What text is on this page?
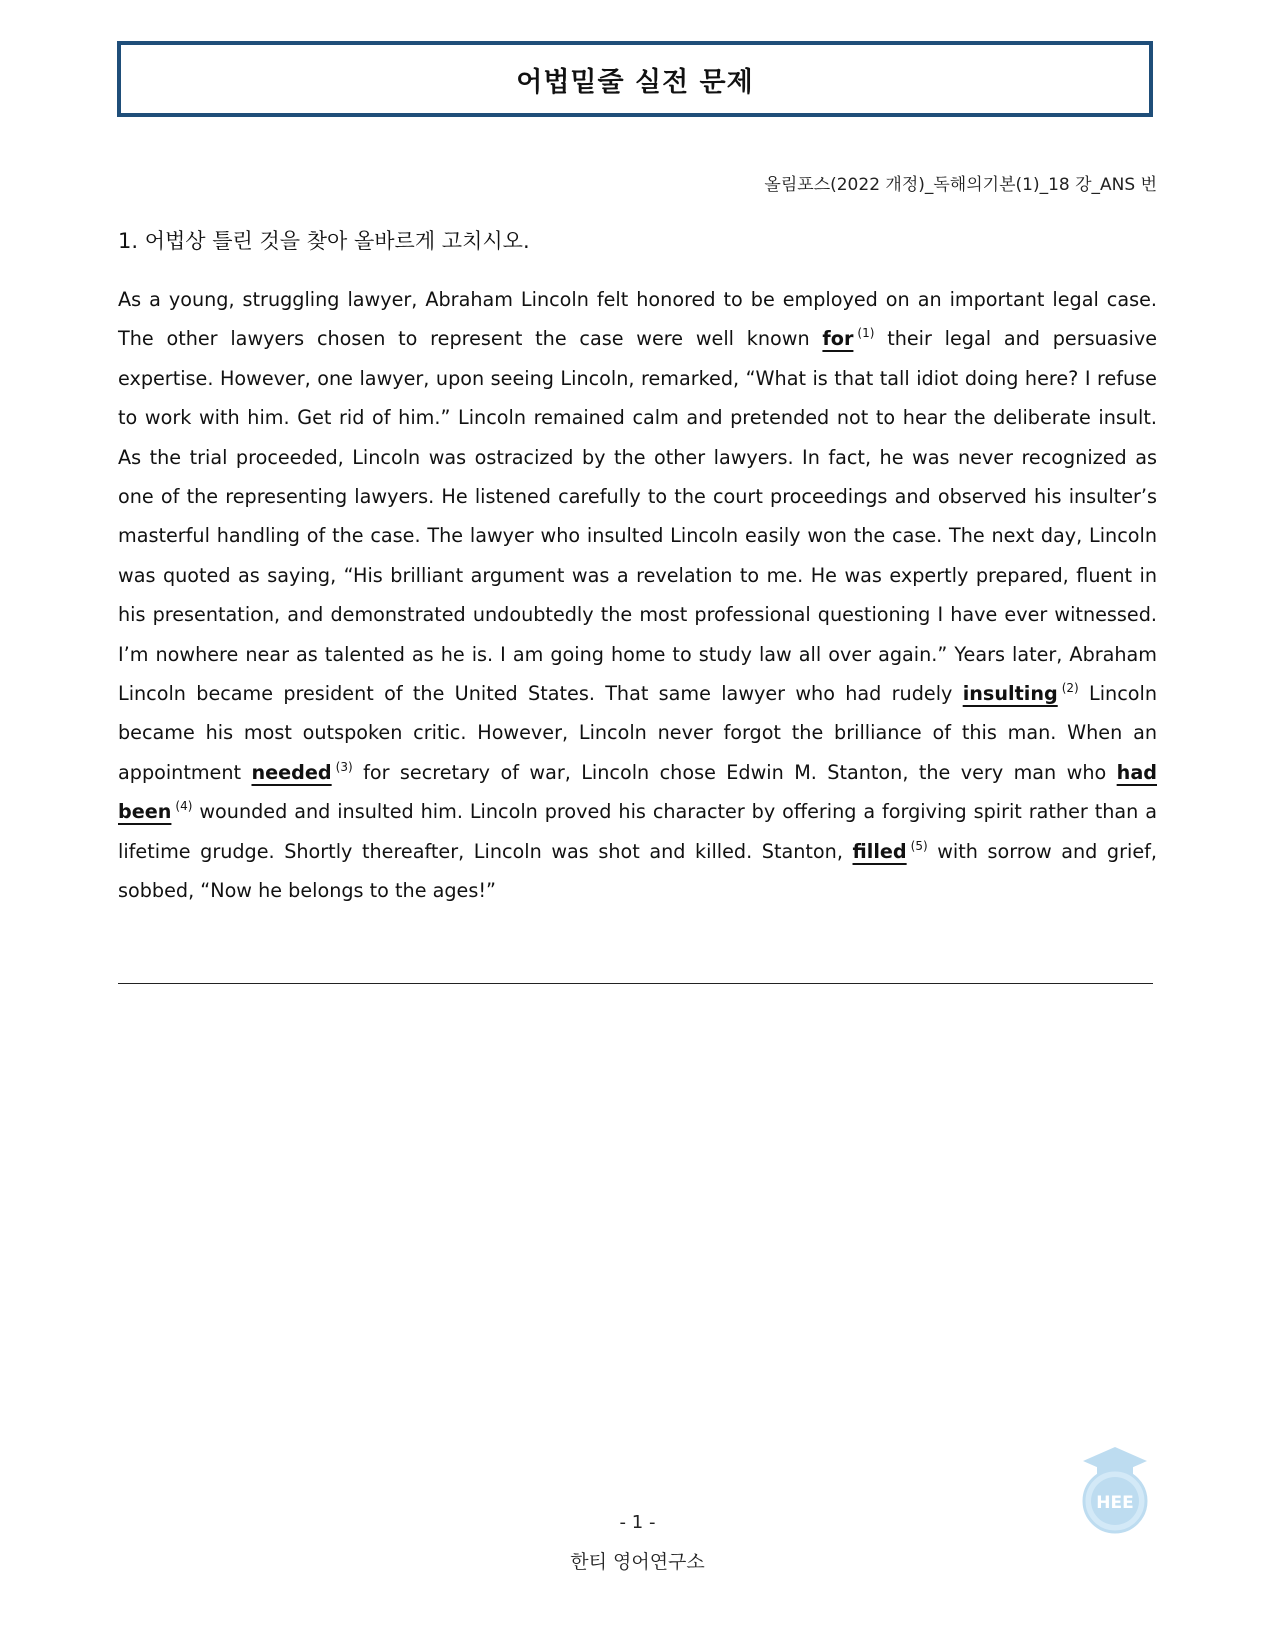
어법밑줄 실전 문제
올림포스(2022 개정)_독해의기본(1)_18 강_ANS 번
1. 어법상 틀린 것을 찾아 올바르게 고치시오.
As a young, struggling lawyer, Abraham Lincoln felt honored to be employed on an important legal case. The other lawyers chosen to represent the case were well known for $^{(1)}$ their legal and persuasive expertise. However, one lawyer, upon seeing Lincoln, remarked, “What is that tall idiot doing here? I refuse to work with him. Get rid of him.” Lincoln remained calm and pretended not to hear the deliberate insult. As the trial proceeded, Lincoln was ostracized by the other lawyers. In fact, he was never recognized as one of the representing lawyers. He listened carefully to the court proceedings and observed his insulter’s masterful handling of the case. The lawyer who insulted Lincoln easily won the case. The next day, Lincoln was quoted as saying, “His brilliant argument was a revelation to me. He was expertly prepared, fluent in his presentation, and demonstrated undoubtedly the most professional questioning I have ever witnessed. I’m nowhere near as talented as he is. I am going home to study law all over again.” Years later, Abraham Lincoln became president of the United States. That same lawyer who had rudely insulting $^{(2)}$ Lincoln became his most outspoken critic. However, Lincoln never forgot the brilliance of this man. When an appointment needed $^{(3)}$ for secretary of war, Lincoln chose Edwin M. Stanton, the very man who had been $^{(4)}$ wounded and insulted him. Lincoln proved his character by offering a forgiving spirit rather than a lifetime grudge. Shortly thereafter, Lincoln was shot and killed. Stanton, filled $^{(5)}$ with sorrow and grief, sobbed, “Now he belongs to the ages!”
HEE
- 1 -
한티 영어연구소
